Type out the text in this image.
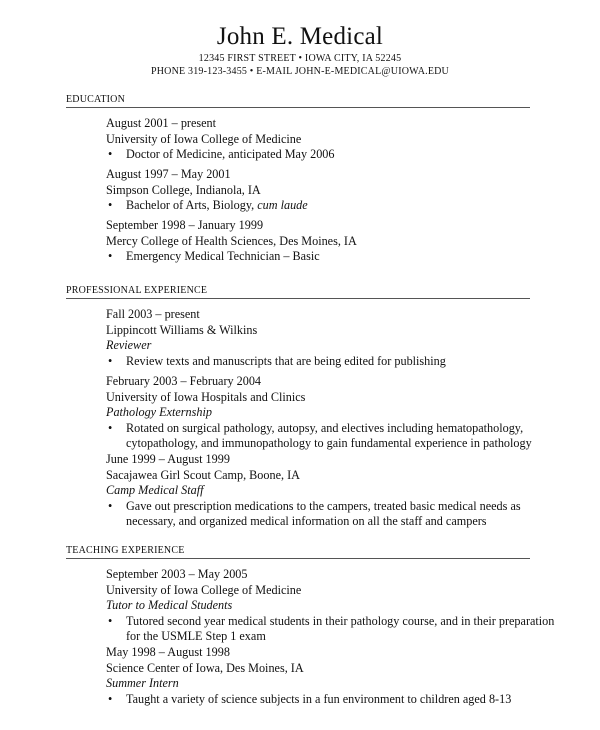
John E. Medical
12345 FIRST STREET • IOWA CITY, IA 52245
PHONE 319-123-3455 • E-MAIL JOHN-E-MEDICAL@UIOWA.EDU
EDUCATION
August 2001 – present
University of Iowa College of Medicine
• Doctor of Medicine, anticipated May 2006
August 1997 – May 2001
Simpson College, Indianola, IA
• Bachelor of Arts, Biology, cum laude
September 1998 – January 1999
Mercy College of Health Sciences, Des Moines, IA
• Emergency Medical Technician – Basic
PROFESSIONAL EXPERIENCE
Fall 2003 – present
Lippincott Williams & Wilkins
Reviewer
• Review texts and manuscripts that are being edited for publishing
February 2003 – February 2004
University of Iowa Hospitals and Clinics
Pathology Externship
• Rotated on surgical pathology, autopsy, and electives including hematopathology,
cytopathology, and immunopathology to gain fundamental experience in pathology
June 1999 – August 1999
Sacajawea Girl Scout Camp, Boone, IA
Camp Medical Staff
• Gave out prescription medications to the campers, treated basic medical needs as
necessary, and organized medical information on all the staff and campers
TEACHING EXPERIENCE
September 2003 – May 2005
University of Iowa College of Medicine
Tutor to Medical Students
• Tutored second year medical students in their pathology course, and in their preparation
for the USMLE Step 1 exam
May 1998 – August 1998
Science Center of Iowa, Des Moines, IA
Summer Intern
• Taught a variety of science subjects in a fun environment to children aged 8-13
